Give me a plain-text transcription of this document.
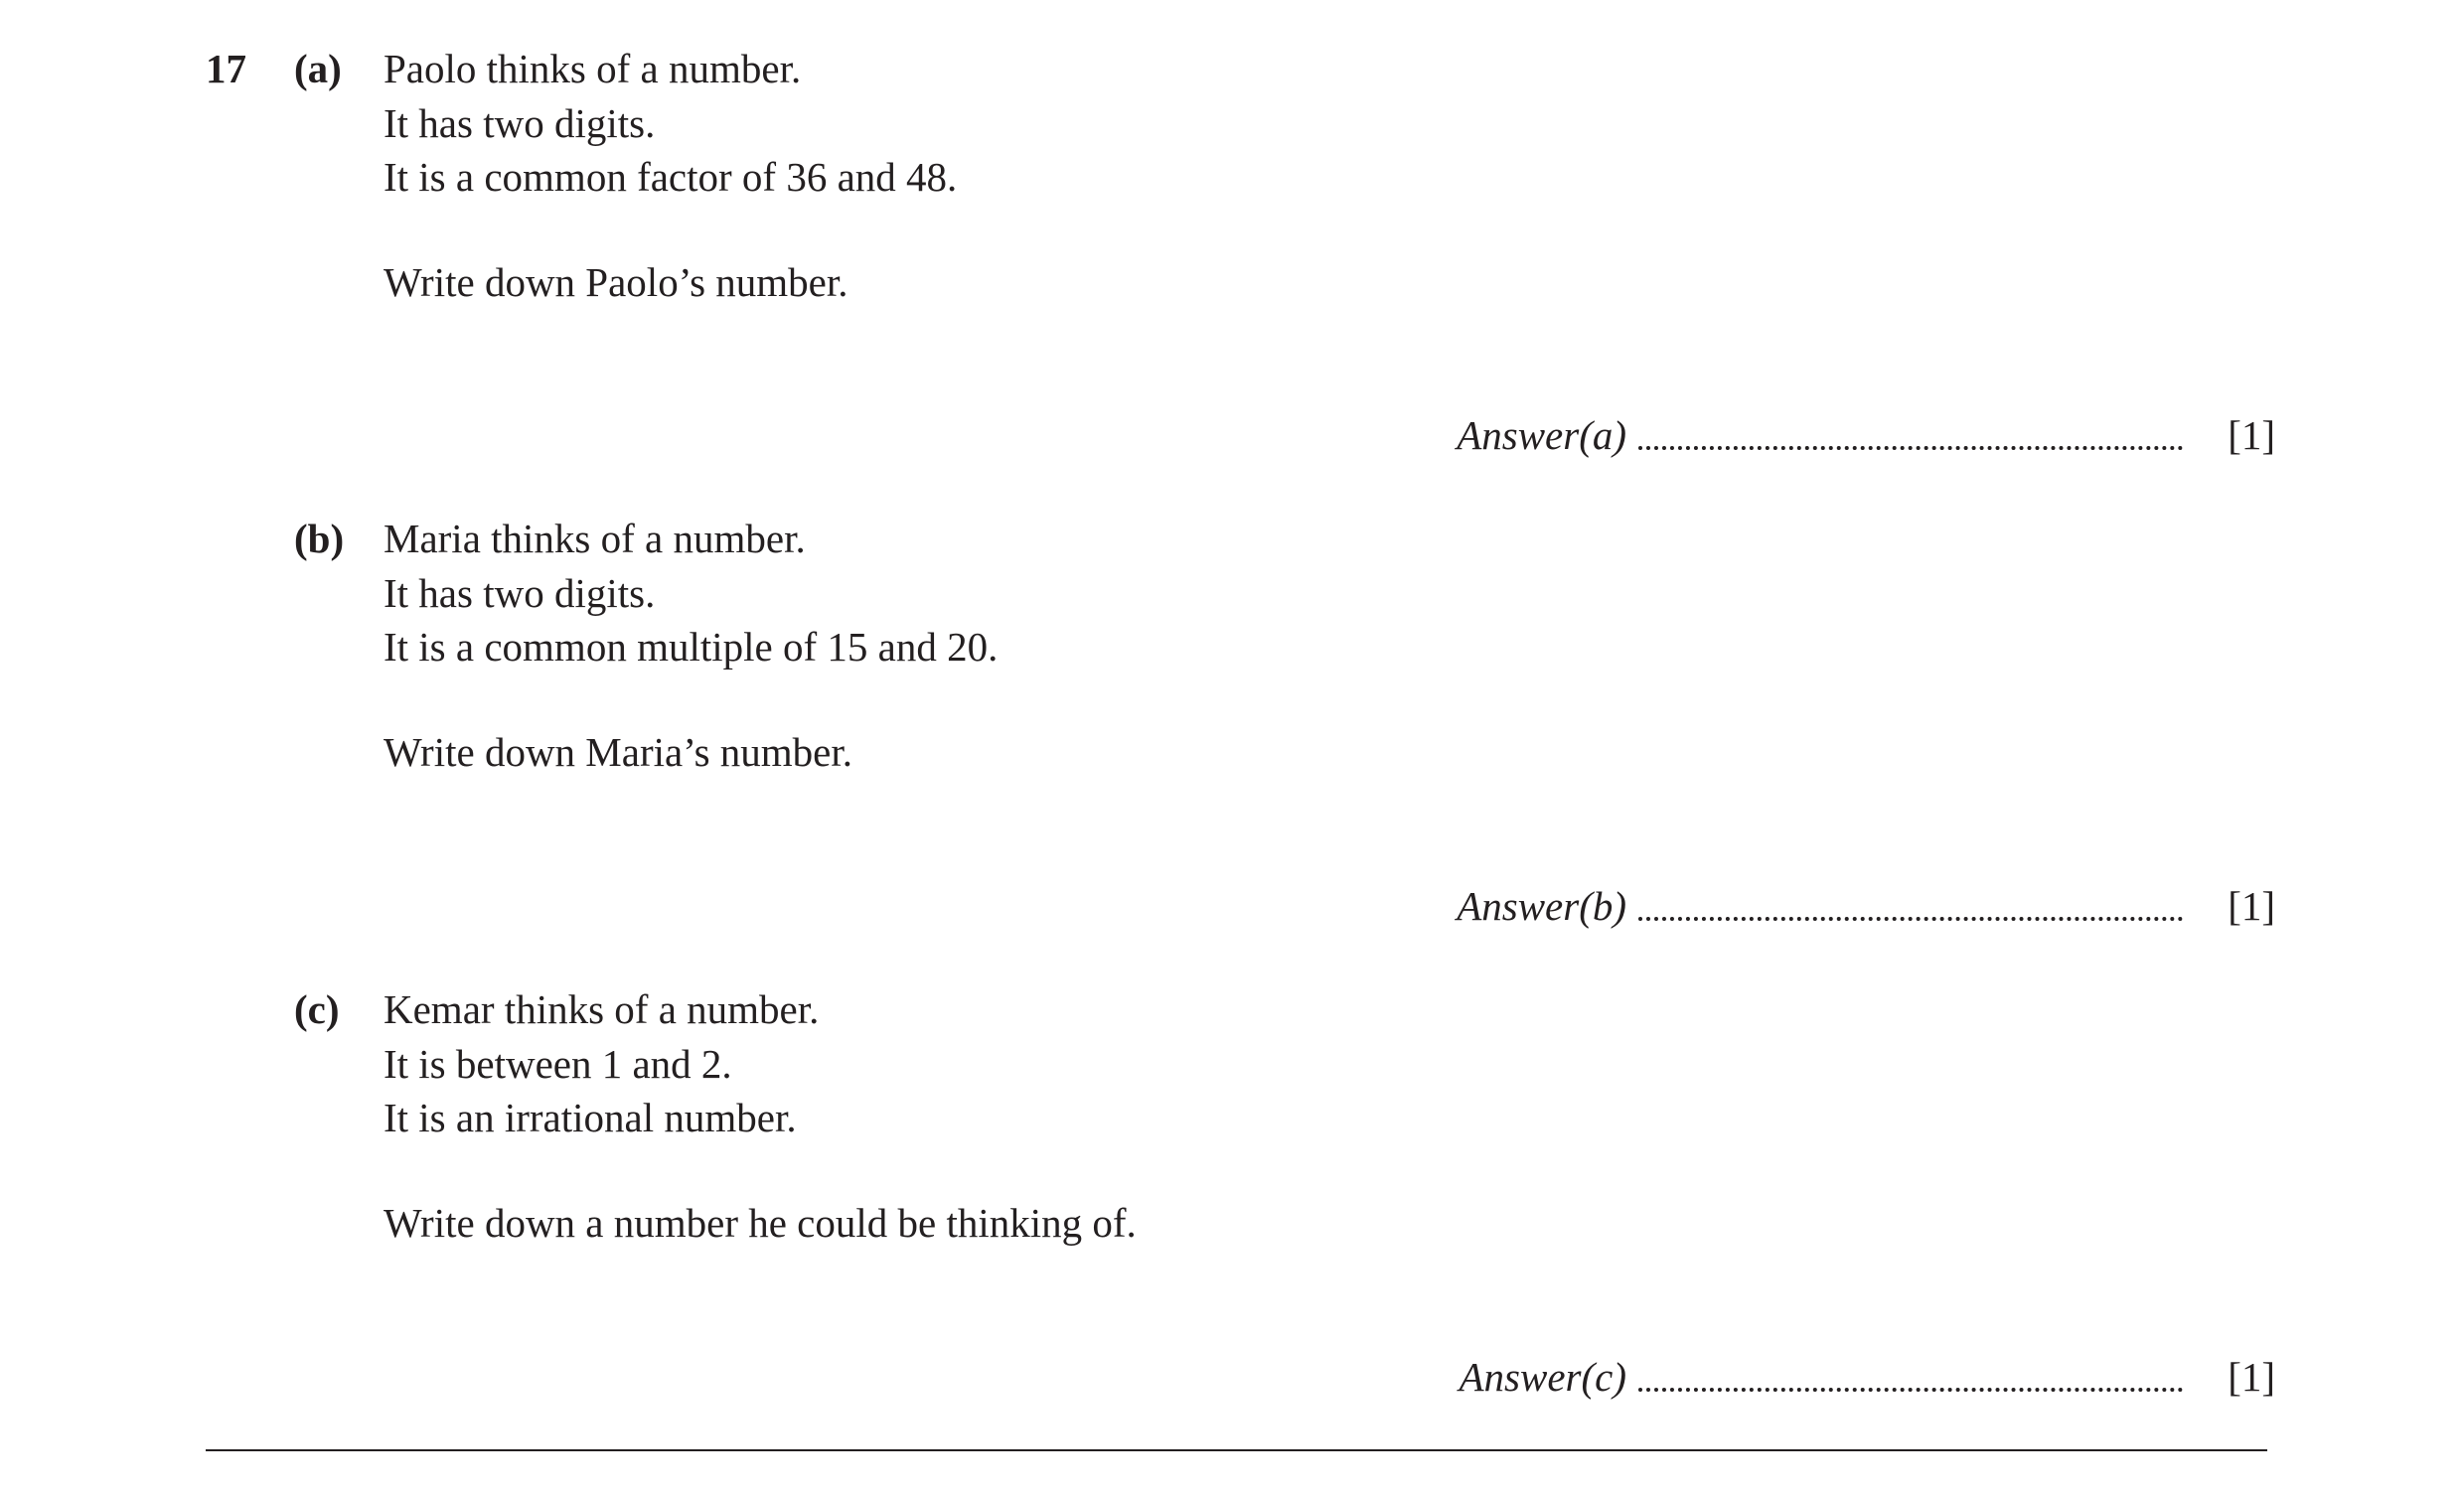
17 (a) Paolo thinks of a number.
It has two digits.
It is a common factor of 36 and 48.
Write down Paolo’s number.
Answer(a)	[1]
(b) Maria thinks of a number.
It has two digits.
It is a common multiple of 15 and 20.
Write down Maria’s number.
Answer(b)	[1]
(c) Kemar thinks of a number.
It is between 1 and 2.
It is an irrational number.
Write down a number he could be thinking of.
Answer(c)	[1]
